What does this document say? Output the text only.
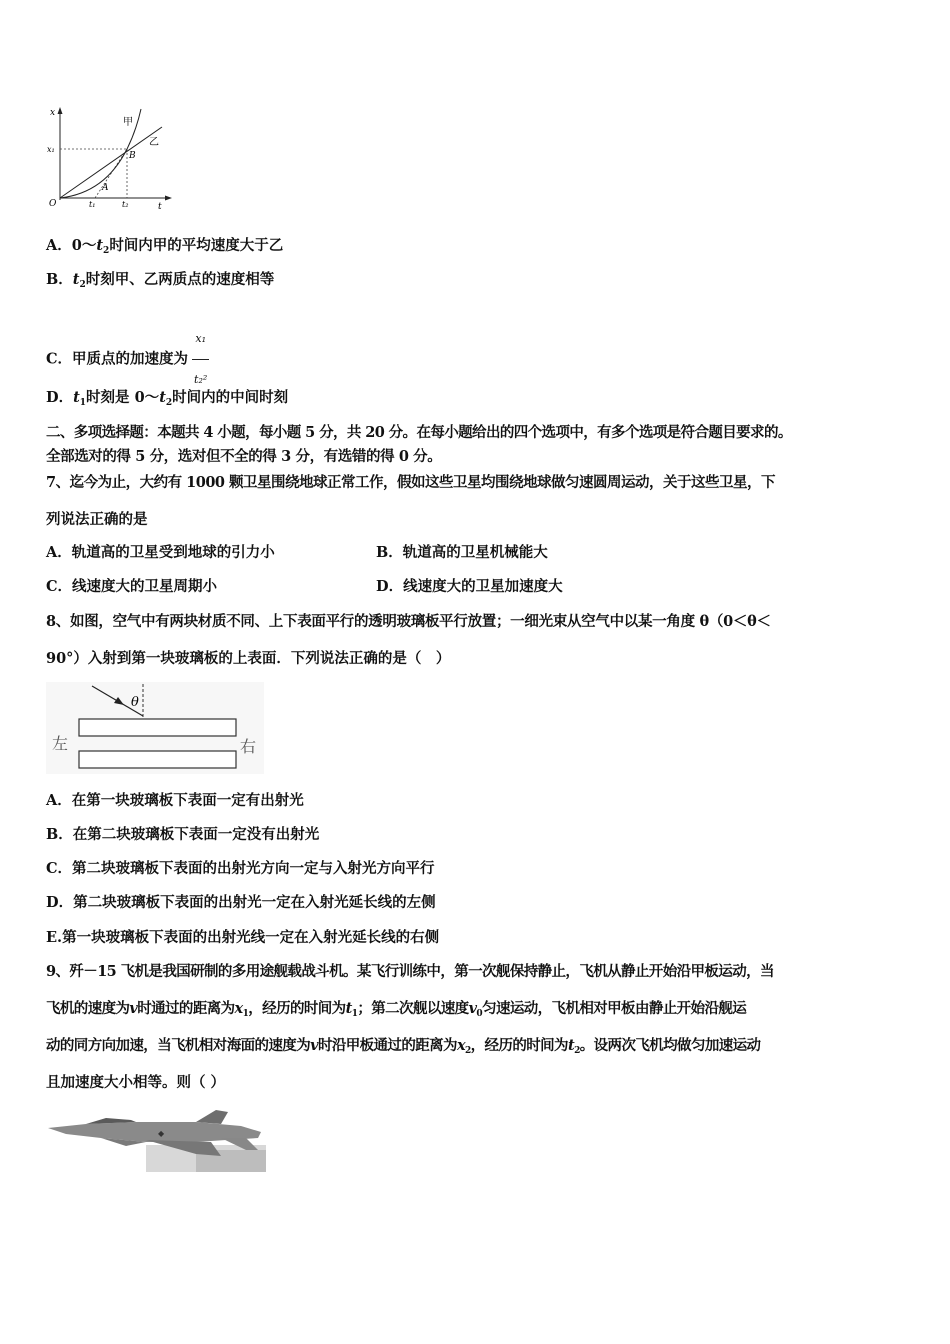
x
t
O
x₁
t₁	t₂
甲
乙
B
A
A．$0\sim t_2$时间内甲的平均速度大于乙
B．$t_2$时刻甲、乙两质点的速度相等
C．甲质点的加速度为 $\frac{\text{x₁}}{\text{t₂²}}$
D．$t_1$时刻是 $0\sim t_2$时间内的中间时刻
二、多项选择题：本题共 4 小题，每小题 5 分，共 20 分。在每小题给出的四个选项中，有多个选项是符合题目要求的。
全部选对的得 5 分，选对但不全的得 3 分，有选错的得 0 分。
7、迄今为止，大约有 1000 颗卫星围绕地球正常工作，假如这些卫星均围绕地球做匀速圆周运动，关于这些卫星，下
列说法正确的是
A．轨道高的卫星受到地球的引力小	B．轨道高的卫星机械能大
C．线速度大的卫星周期小	D．线速度大的卫星加速度大
8、如图，空气中有两块材质不同、上下表面平行的透明玻璃板平行放置；一细光束从空气中以某一角度 θ（0＜θ＜
90°）入射到第一块玻璃板的上表面．下列说法正确的是（　）
θ
左	右
A．在第一块玻璃板下表面一定有出射光
B．在第二块玻璃板下表面一定没有出射光
C．第二块玻璃板下表面的出射光方向一定与入射光方向平行
D．第二块玻璃板下表面的出射光一定在入射光延长线的左侧
E.第一块玻璃板下表面的出射光线一定在入射光延长线的右侧
9、歼－15 飞机是我国研制的多用途舰载战斗机。某飞行训练中，第一次舰保持静止，飞机从静止开始沿甲板运动，当
飞机的速度为v时通过的距离为$x_1$，经历的时间为$t_1$；第二次舰以速度$v_0$匀速运动，飞机相对甲板由静止开始沿舰运
动的同方向加速，当飞机相对海面的速度为v时沿甲板通过的距离为$x_2$，经历的时间为$t_2$。设两次飞机均做匀加速运动
且加速度大小相等。则（ ）
◆
